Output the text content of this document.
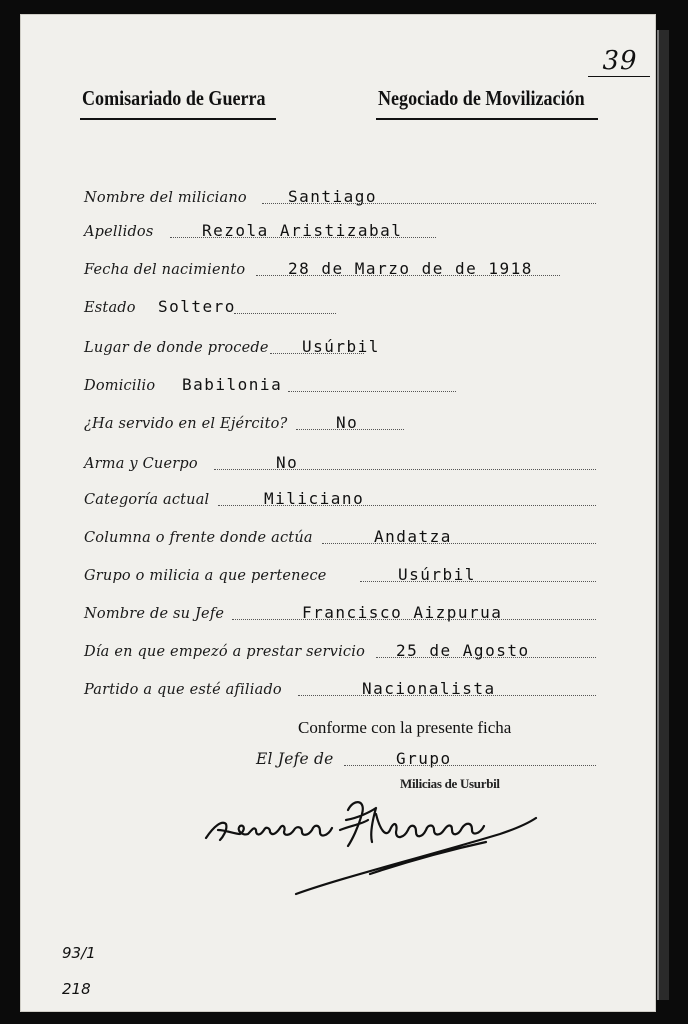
39
Comisariado de Guerra	Negociado de Movilización
Nombre del miliciano	Santiago
Apellidos	Rezola Aristizabal
Fecha del nacimiento	28 de Marzo de de 1918
Estado Soltero
Lugar de donde procede Usúrbil
Domicilio Babilonia
¿Ha servido en el Ejército?	No
Arma y Cuerpo	No
Categoría actual	Miliciano
Columna o frente donde actúa	Andatza
Grupo o milicia a que pertenece	Usúrbil
Nombre de su Jefe	Francisco Aizpurua
Día en que empezó a prestar servicio 25 de Agosto
Partido a que esté afiliado	Nacionalista
Conforme con la presente ficha
El Jefe de	Grupo
Milicias de Usurbil
93/1
218
